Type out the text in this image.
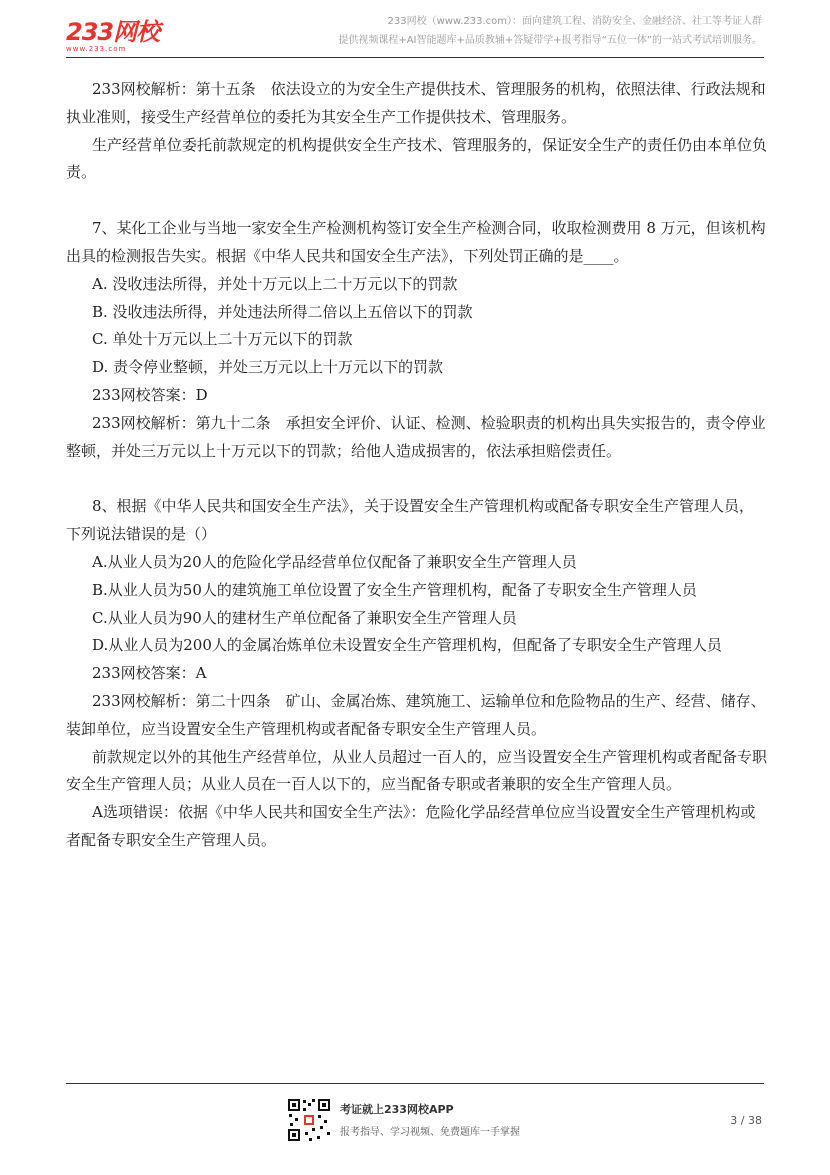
233网校
www.233.com
233网校（www.233.com）：面向建筑工程、消防安全、金融经济、社工等考证人群
提供视频课程+AI智能题库+品质教辅+答疑带学+报考指导“五位一体”的一站式考试培训服务。

233网校解析：第十五条　依法设立的为安全生产提供技术、管理服务的机构，依照法律、行政法规和执业准则，接受生产经营单位的委托为其安全生产工作提供技术、管理服务。

生产经营单位委托前款规定的机构提供安全生产技术、管理服务的，保证安全生产的责任仍由本单位负责。

7、某化工企业与当地一家安全生产检测机构签订安全生产检测合同，收取检测费用 8 万元，但该机构出具的检测报告失实。根据《中华人民共和国安全生产法》，下列处罚正确的是____。

A. 没收违法所得，并处十万元以上二十万元以下的罚款

B. 没收违法所得，并处违法所得二倍以上五倍以下的罚款

C. 单处十万元以上二十万元以下的罚款

D. 责令停业整顿，并处三万元以上十万元以下的罚款

233网校答案：D

233网校解析：第九十二条　承担安全评价、认证、检测、检验职责的机构出具失实报告的，责令停业整顿，并处三万元以上十万元以下的罚款；给他人造成损害的，依法承担赔偿责任。

8、根据《中华人民共和国安全生产法》，关于设置安全生产管理机构或配备专职安全生产管理人员，下列说法错误的是（）

A.从业人员为20人的危险化学品经营单位仅配备了兼职安全生产管理人员

B.从业人员为50人的建筑施工单位设置了安全生产管理机构，配备了专职安全生产管理人员

C.从业人员为90人的建材生产单位配备了兼职安全生产管理人员

D.从业人员为200人的金属冶炼单位未设置安全生产管理机构，但配备了专职安全生产管理人员

233网校答案：A

233网校解析：第二十四条　矿山、金属冶炼、建筑施工、运输单位和危险物品的生产、经营、储存、装卸单位，应当设置安全生产管理机构或者配备专职安全生产管理人员。

前款规定以外的其他生产经营单位，从业人员超过一百人的，应当设置安全生产管理机构或者配备专职安全生产管理人员；从业人员在一百人以下的，应当配备专职或者兼职的安全生产管理人员。

A选项错误：依据《中华人民共和国安全生产法》：危险化学品经营单位应当设置安全生产管理机构或者配备专职安全生产管理人员。

考证就上233网校APP
报考指导、学习视频、免费题库一手掌握
3 / 38
